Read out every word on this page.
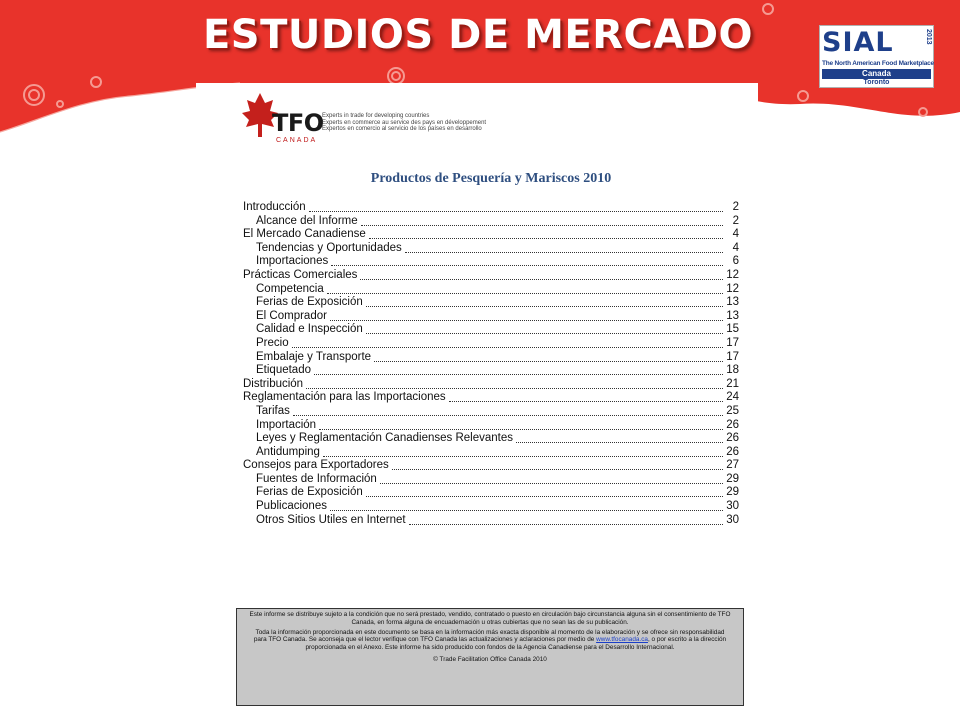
ESTUDIOS DE MERCADO	SIAL	2013
The North American Food Marketplace
Canada
Toronto
TFO
CANADA
Experts in trade for developing countries
Experts en commerce au service des pays en développement
Expertos en comercio al servicio de los países en desarrollo
Productos de Pesquería y Mariscos 2010
Introducción	2
Alcance del Informe	2
El Mercado Canadiense	4
Tendencias y Oportunidades	4
Importaciones	6
Prácticas Comerciales	12
Competencia	12
Ferias de Exposición	13
El Comprador	13
Calidad e Inspección	15
Precio	17
Embalaje y Transporte	17
Etiquetado	18
Distribución	21
Reglamentación para las Importaciones	24
Tarifas	25
Importación	26
Leyes y Reglamentación Canadienses Relevantes	26
Antidumping	26
Consejos para Exportadores	27
Fuentes de Información	29
Ferias de Exposición	29
Publicaciones	30
Otros Sitios Útiles en Internet	30

Este informe se distribuye sujeto a la condición que no será prestado, vendido, contratado o puesto en circulación bajo circunstancia alguna sin el consentimiento de TFO Canada, en forma alguna de encuadernación u otras cubiertas que no sean las de su publicación.

Toda la información proporcionada en este documento se basa en la información más exacta disponible al momento de la elaboración y se ofrece sin responsabilidad para TFO Canada. Se aconseja que el lector verifique con TFO Canada las actualizaciones y aclaraciones por medio de www.tfocanada.ca, o por escrito a la dirección proporcionada en el Anexo. Este informe ha sido producido con fondos de la Agencia Canadiense para el Desarrollo Internacional.

© Trade Facilitation Office Canada 2010
